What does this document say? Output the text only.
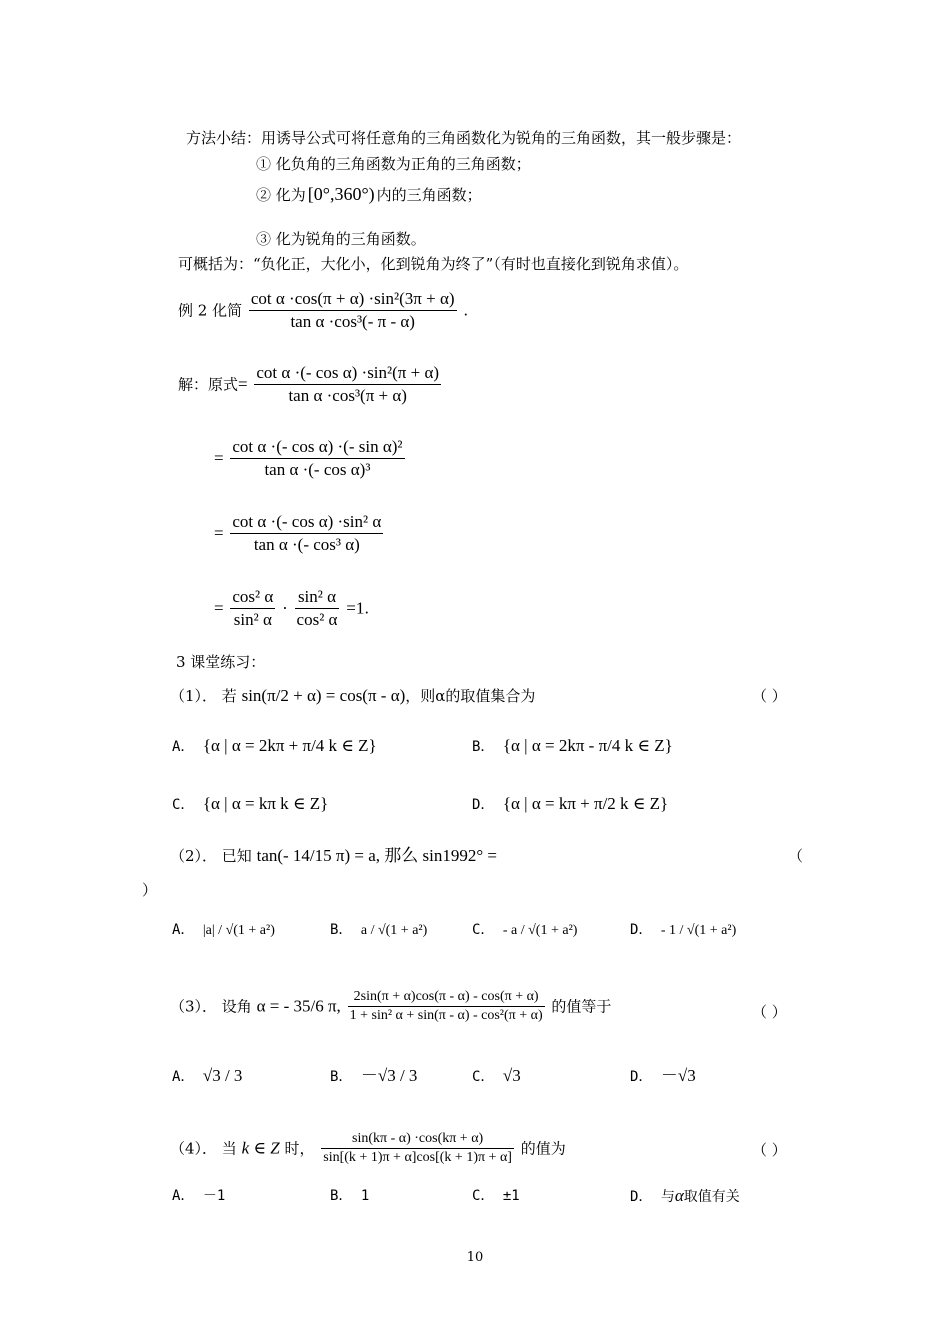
方法小结：用诱导公式可将任意角的三角函数化为锐角的三角函数，其一般步骤是：
① 化负角的三角函数为正角的三角函数；
② 化为 [0°,360°) 内的三角函数；
③ 化为锐角的三角函数。
可概括为：“负化正，大化小，化到锐角为终了”（有时也直接化到锐角求值）。
例 2 化简 $\frac{\text{cot α ·cos(π + α) ·sin²(3π + α)}}{\text{tan α ·cos³(- π - α)}}$ .
解：原式= $\frac{\text{cot α ·(- cos α) ·sin²(π + α)}}{\text{tan α ·cos³(π + α)}}$
= $\frac{\text{cot α ·(- cos α) ·(- sin α)²}}{\text{tan α ·(- cos α)³}}$
= $\frac{\text{cot α ·(- cos α) ·sin² α}}{\text{tan α ·(- cos³ α)}}$
= $\frac{\text{cos² α}}{\text{sin² α}} \cdot \frac{\text{sin² α}}{\text{cos² α}} =1$.
3 课堂练习：
（1）． 若 sin(π/2 + α) = cos(π - α)，则α的取值集合为	（ ）
A． {α | α = 2kπ + π/4 k ∈ Z}	B． {α | α = 2kπ - π/4 k ∈ Z}
C． {α | α = kπ k ∈ Z}	D． {α | α = kπ + π/2 k ∈ Z}
（2）． 已知 tan(- 14/15 π) = a, 那么 sin1992° =	（
）
A． |a| / √(1 + a²)	B． a / √(1 + a²)	C． - a / √(1 + a²)	D． - 1 / √(1 + a²)
（3）． 设角 α = - 35/6 π, $\frac{2\sin(\pi + \alpha)\cos(\pi - \alpha) - \cos(\pi + \alpha)}{\text{1 + sin² α + sin(π - α) - cos²(π + α)}}$ 的值等于	（ ）
A． √3 / 3	B． －√3 / 3	C． √3	D． －√3
（4）． 当 k ∈ Z 时， $\frac{\sin(k\pi - \alpha) \cdot\cos(k\pi + \alpha)}{\sin[(k + 1)\pi + \alpha]\cos[(k + 1)\pi + \alpha]}$ 的值为	（ ）
A． －1	B． 1	C． ±1	D． 与α取值有关
10
